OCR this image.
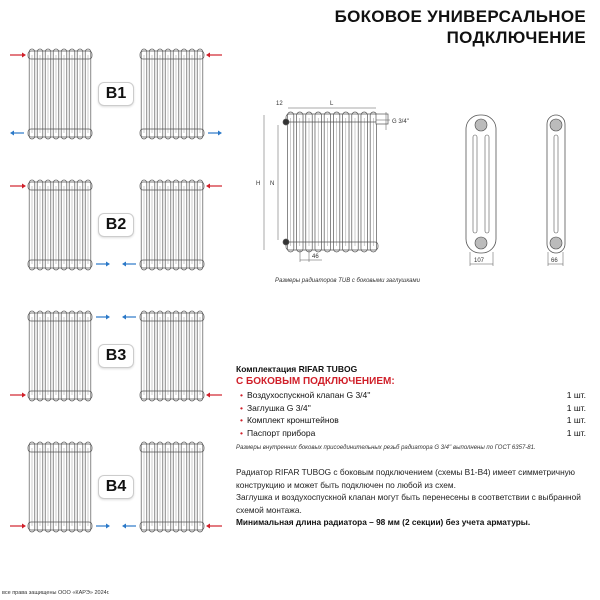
БОКОВОЕ УНИВЕРСАЛЬНОЕ
ПОДКЛЮЧЕНИЕ
B1
B2
B3
B4
12	L
H N
46
G 3/4''
107	66
Размеры радиаторов TUB с боковыми заглушками
Комплектация RIFAR TUBOG
С БОКОВЫМ ПОДКЛЮЧЕНИЕМ:
• Воздухоспускной клапан G 3/4''	1 шт.
• Заглушка G 3/4''	1 шт.
• Комплект кронштейнов	1 шт.
• Паспорт прибора	1 шт.
Размеры внутренних боковых присоединительных резьб радиатора G 3/4'' выполнены по ГОСТ 6357-81.
Радиатор RIFAR TUBOG с боковым подключением (схемы B1-B4) имеет симметричную конструкцию и может быть подключен по любой из схем.
Заглушка и воздухоспускной клапан могут быть перенесены в соответствии с выбранной схемой монтажа.
Минимальная длина радиатора – 98 мм (2 секции) без учета арматуры.
все права защищены ООО «КАРЭ» 2024г.
